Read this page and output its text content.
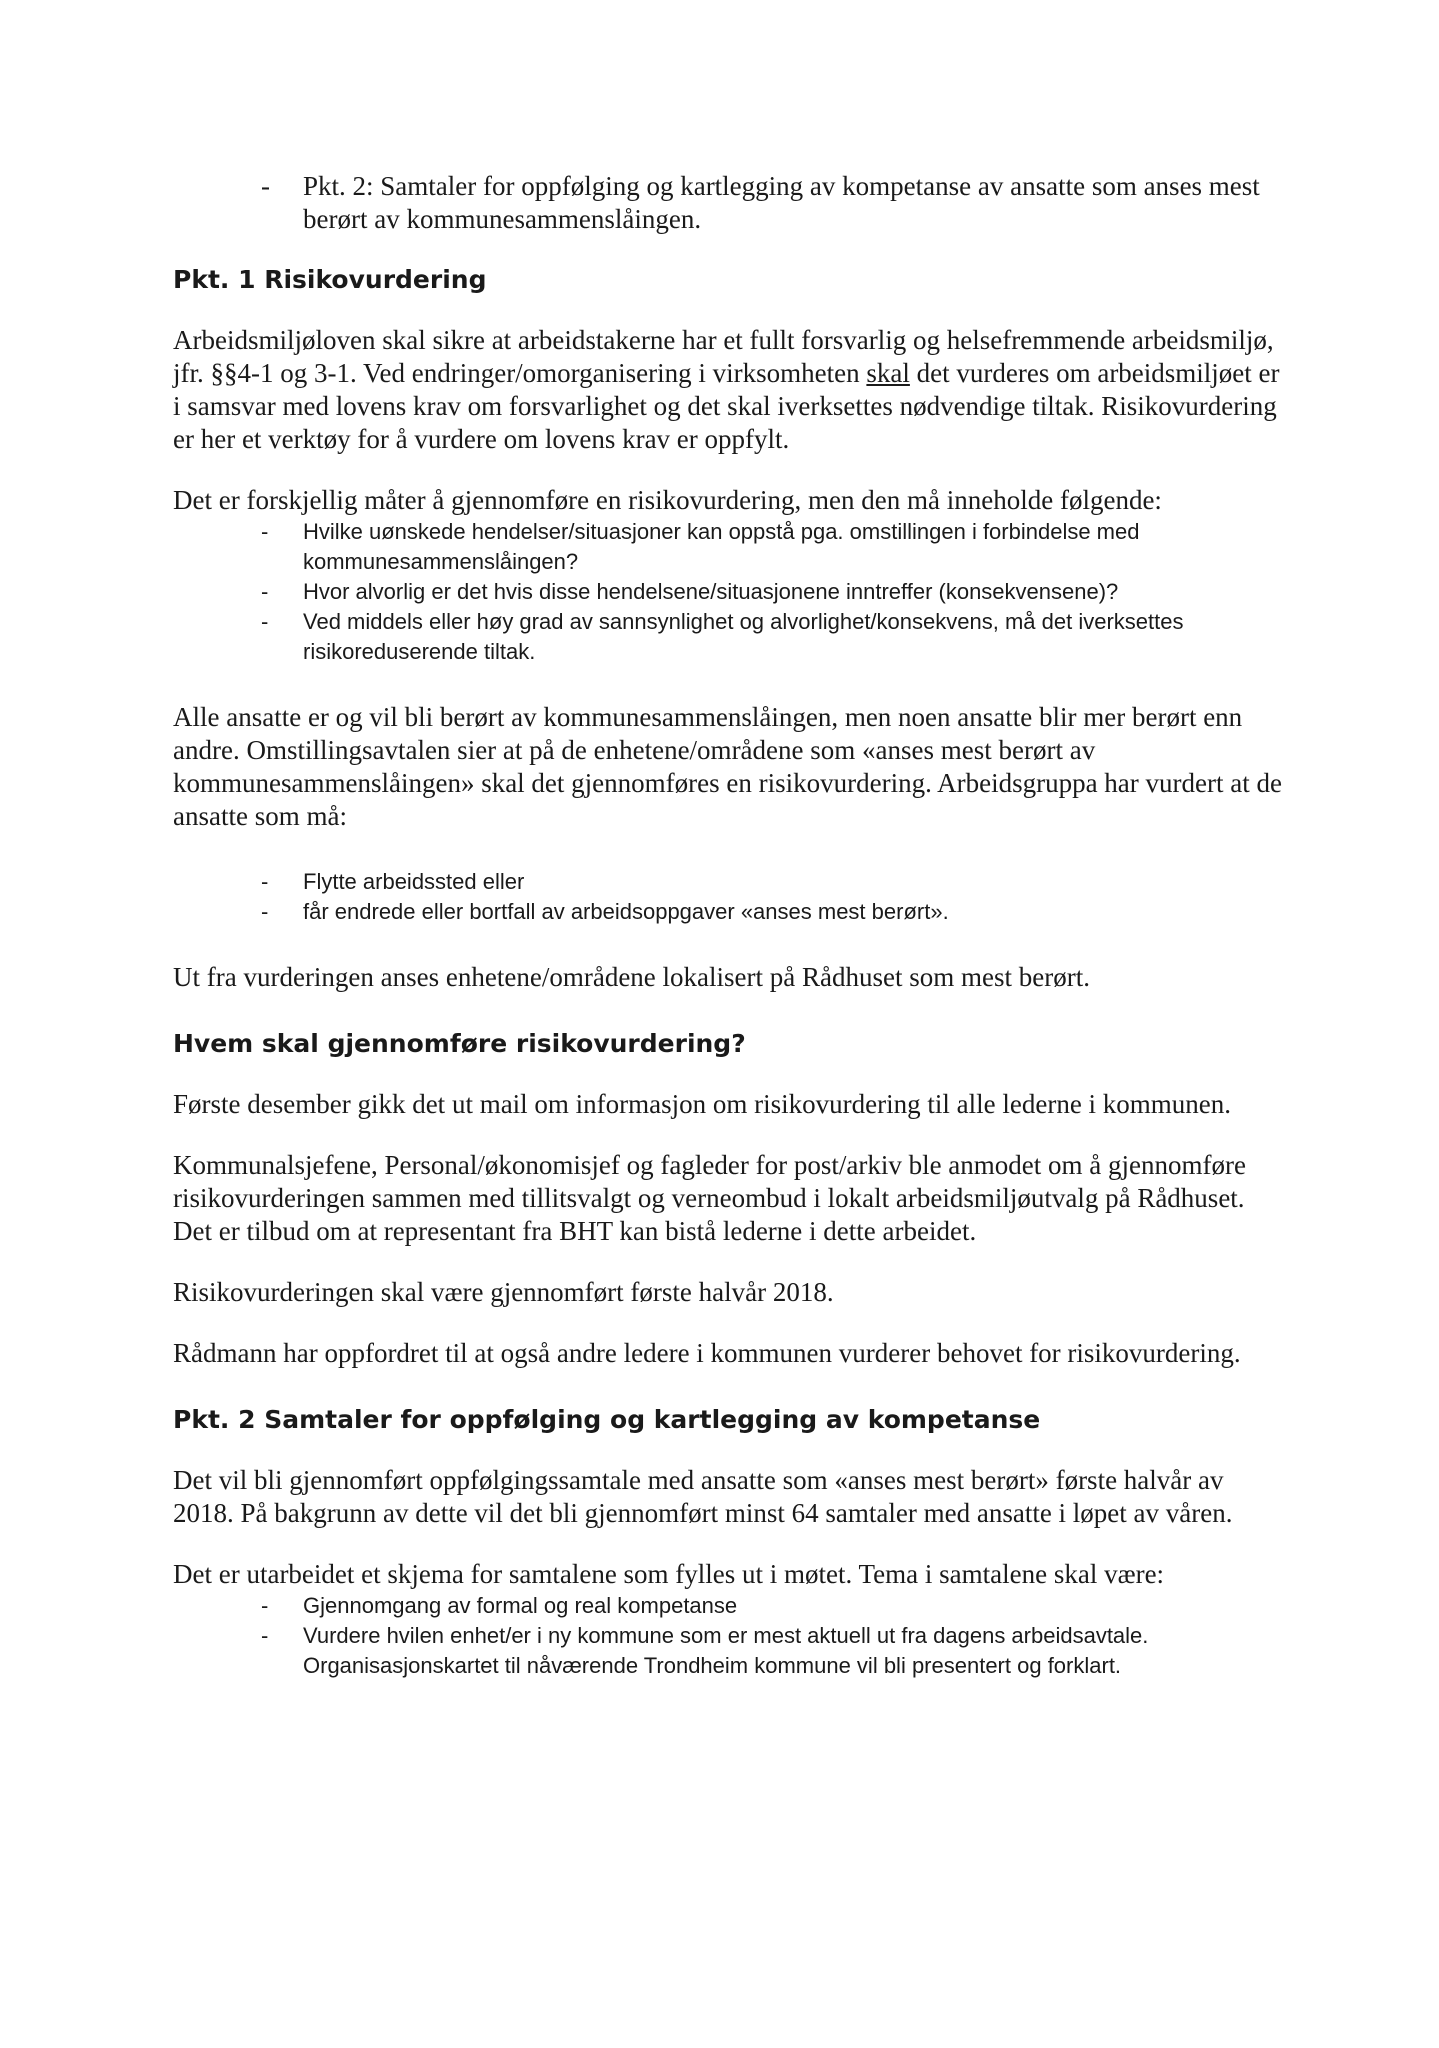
- Pkt. 2: Samtaler for oppfølging og kartlegging av kompetanse av ansatte som anses mest berørt av kommunesammenslåingen.
Pkt. 1 Risikovurdering

Arbeidsmiljøloven skal sikre at arbeidstakerne har et fullt forsvarlig og helsefremmende arbeidsmiljø, jfr. §§4-1 og 3-1. Ved endringer/omorganisering i virksomheten skal det vurderes om arbeidsmiljøet er i samsvar med lovens krav om forsvarlighet og det skal iverksettes nødvendige tiltak. Risikovurdering er her et verktøy for å vurdere om lovens krav er oppfylt.

Det er forskjellig måter å gjennomføre en risikovurdering, men den må inneholde følgende:

- Hvilke uønskede hendelser/situasjoner kan oppstå pga. omstillingen i forbindelse med kommunesammenslåingen?
- Hvor alvorlig er det hvis disse hendelsene/situasjonene inntreffer (konsekvensene)?
- Ved middels eller høy grad av sannsynlighet og alvorlighet/konsekvens, må det iverksettes risikoreduserende tiltak.

Alle ansatte er og vil bli berørt av kommunesammenslåingen, men noen ansatte blir mer berørt enn andre. Omstillingsavtalen sier at på de enhetene/områdene som «anses mest berørt av kommunesammenslåingen» skal det gjennomføres en risikovurdering. Arbeidsgruppa har vurdert at de ansatte som må:

- Flytte arbeidssted eller
- får endrede eller bortfall av arbeidsoppgaver «anses mest berørt».

Ut fra vurderingen anses enhetene/områdene lokalisert på Rådhuset som mest berørt.

Hvem skal gjennomføre risikovurdering?

Første desember gikk det ut mail om informasjon om risikovurdering til alle lederne i kommunen.

Kommunalsjefene, Personal/økonomisjef og fagleder for post/arkiv ble anmodet om å gjennomføre risikovurderingen sammen med tillitsvalgt og verneombud i lokalt arbeidsmiljøutvalg på Rådhuset. Det er tilbud om at representant fra BHT kan bistå lederne i dette arbeidet.

Risikovurderingen skal være gjennomført første halvår 2018.

Rådmann har oppfordret til at også andre ledere i kommunen vurderer behovet for risikovurdering.

Pkt. 2 Samtaler for oppfølging og kartlegging av kompetanse

Det vil bli gjennomført oppfølgingssamtale med ansatte som «anses mest berørt» første halvår av 2018. På bakgrunn av dette vil det bli gjennomført minst 64 samtaler med ansatte i løpet av våren.

Det er utarbeidet et skjema for samtalene som fylles ut i møtet. Tema i samtalene skal være:

- Gjennomgang av formal og real kompetanse
- Vurdere hvilen enhet/er i ny kommune som er mest aktuell ut fra dagens arbeidsavtale. Organisasjonskartet til nåværende Trondheim kommune vil bli presentert og forklart.
